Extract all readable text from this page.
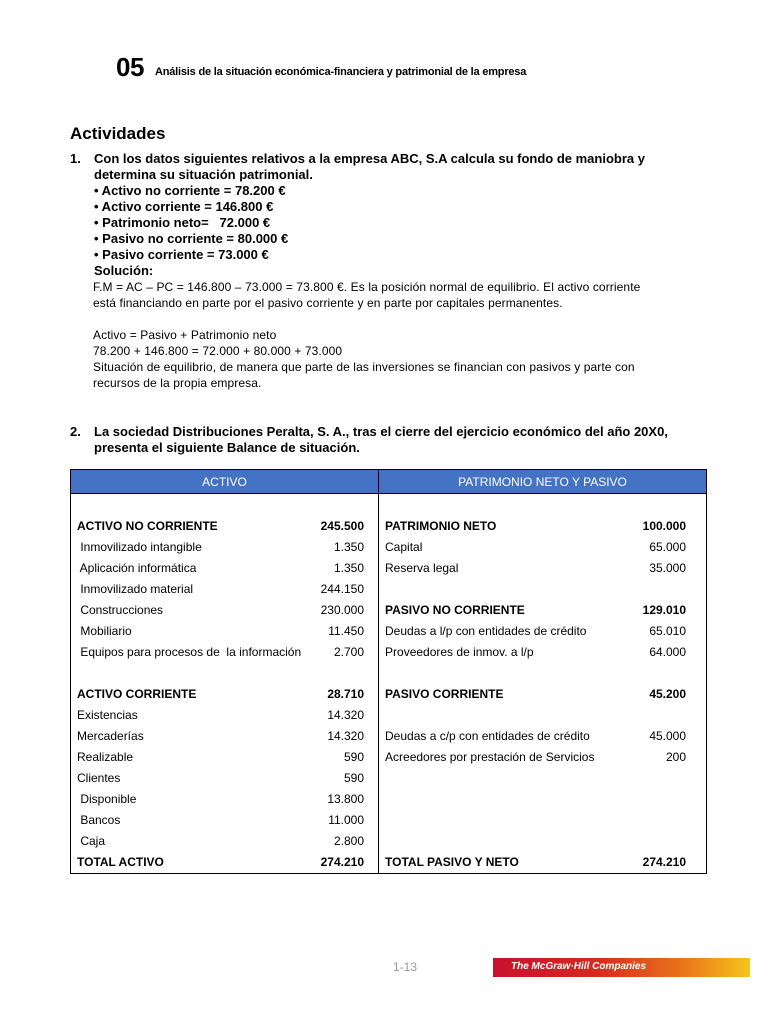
05 Análisis de la situación económica-financiera y patrimonial de la empresa
Actividades
1. Con los datos siguientes relativos a la empresa ABC, S.A calcula su fondo de maniobra y
determina su situación patrimonial.
• Activo no corriente = 78.200 €
• Activo corriente = 146.800 €
• Patrimonio neto=   72.000 €
• Pasivo no corriente = 80.000 €
• Pasivo corriente = 73.000 €
Solución:
F.M = AC – PC = 146.800 – 73.000 = 73.800 €. Es la posición normal de equilibrio. El activo corriente
está financiando en parte por el pasivo corriente y en parte por capitales permanentes.
Activo = Pasivo + Patrimonio neto
78.200 + 146.800 = 72.000 + 80.000 + 73.000
Situación de equilibrio, de manera que parte de las inversiones se financian con pasivos y parte con
recursos de la propia empresa.
2. La sociedad Distribuciones Peralta, S. A., tras el cierre del ejercicio económico del año 20X0,
presenta el siguiente Balance de situación.
ACTIVO		PATRIMONIO NETO Y PASIVO	

ACTIVO NO CORRIENTE	245.500	PATRIMONIO NETO	100.000
Inmovilizado intangible	1.350	Capital	65.000
Aplicación informática	1.350	Reserva legal	35.000
Inmovilizado material	244.150		
Construcciones	230.000	PASIVO NO CORRIENTE	129.010
Mobiliario	11.450	Deudas a l/p con entidades de crédito	65.010
Equipos para procesos de  la información	2.700	Proveedores de inmov. a l/p	64.000

ACTIVO CORRIENTE	28.710	PASIVO CORRIENTE	45.200
Existencias	14.320		
Mercaderías	14.320	Deudas a c/p con entidades de crédito	45.000
Realizable	590	Acreedores por prestación de Servicios	200
Clientes	590		
Disponible	13.800		
Bancos	11.000		
Caja	2.800		
TOTAL ACTIVO	274.210	TOTAL PASIVO Y NETO	274.210
1-13	The McGraw·Hill Companies
